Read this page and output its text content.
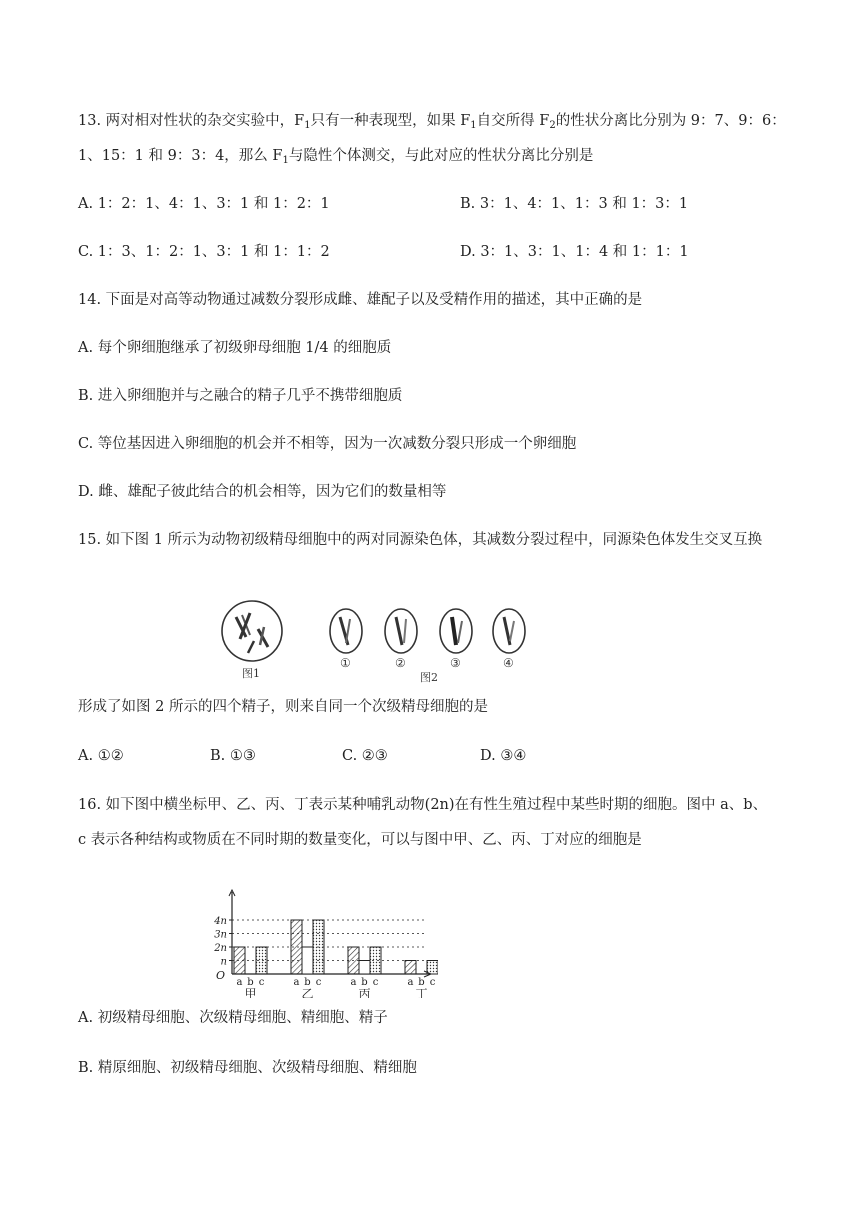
13. 两对相对性状的杂交实验中，$F_1$只有一种表现型，如果 $F_1$自交所得 $F_2$的性状分离比分别为 9：7、9：6：
1、15：1 和 9：3：4，那么 $F_1$与隐性个体测交，与此对应的性状分离比分别是
A. 1：2：1、4：1、3：1 和 1：2：1	B. 3：1、4：1、1：3 和 1：3：1
C. 1：3、1：2：1、3：1 和 1：1：2	D. 3：1、3：1、1：4 和 1：1：1
14. 下面是对高等动物通过减数分裂形成雌、雄配子以及受精作用的描述，其中正确的是
A. 每个卵细胞继承了初级卵母细胞 1/4 的细胞质
B. 进入卵细胞并与之融合的精子几乎不携带细胞质
C. 等位基因进入卵细胞的机会并不相等，因为一次减数分裂只形成一个卵细胞
D. 雌、雄配子彼此结合的机会相等，因为它们的数量相等
15. 如下图 1 所示为动物初级精母细胞中的两对同源染色体，其减数分裂过程中，同源染色体发生交叉互换
图1
①	②	③	④
图2
形成了如图 2 所示的四个精子，则来自同一个次级精母细胞的是
A. ①②	B. ①③	C. ②③	D. ③④
16. 如下图中横坐标甲、乙、丙、丁表示某种哺乳动物(2n)在有性生殖过程中某些时期的细胞。图中 a、b、
c 表示各种结构或物质在不同时期的数量变化，可以与图中甲、乙、丙、丁对应的细胞是
O
n
2n
3n
4n
a b c
甲
a b c
乙
a b c
丙
a b c
丁
A. 初级精母细胞、次级精母细胞、精细胞、精子
B. 精原细胞、初级精母细胞、次级精母细胞、精细胞
